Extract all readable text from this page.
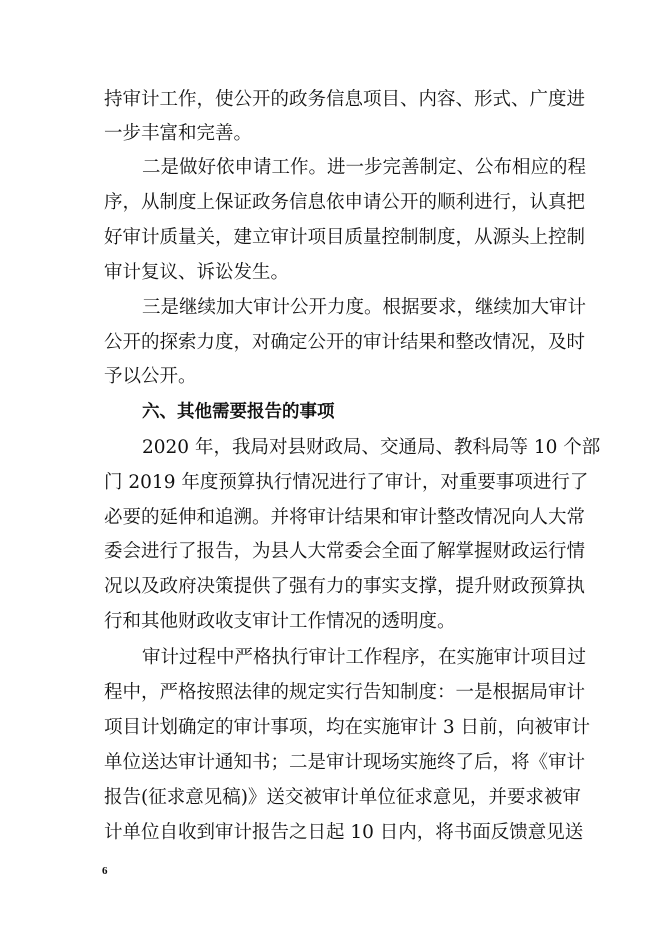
持审计工作，使公开的政务信息项目、内容、形式、广度进
一步丰富和完善。
二是做好依申请工作。进一步完善制定、公布相应的程
序，从制度上保证政务信息依申请公开的顺利进行，认真把
好审计质量关，建立审计项目质量控制制度，从源头上控制
审计复议、诉讼发生。
三是继续加大审计公开力度。根据要求，继续加大审计
公开的探索力度，对确定公开的审计结果和整改情况，及时
予以公开。
六、其他需要报告的事项
2020 年，我局对县财政局、交通局、教科局等 10 个部
门 2019 年度预算执行情况进行了审计，对重要事项进行了
必要的延伸和追溯。并将审计结果和审计整改情况向人大常
委会进行了报告，为县人大常委会全面了解掌握财政运行情
况以及政府决策提供了强有力的事实支撑，提升财政预算执
行和其他财政收支审计工作情况的透明度。
审计过程中严格执行审计工作程序，在实施审计项目过
程中，严格按照法律的规定实行告知制度：一是根据局审计
项目计划确定的审计事项，均在实施审计 3 日前，向被审计
单位送达审计通知书；二是审计现场实施终了后，将《审计
报告(征求意见稿)》送交被审计单位征求意见，并要求被审
计单位自收到审计报告之日起 10 日内，将书面反馈意见送
6
